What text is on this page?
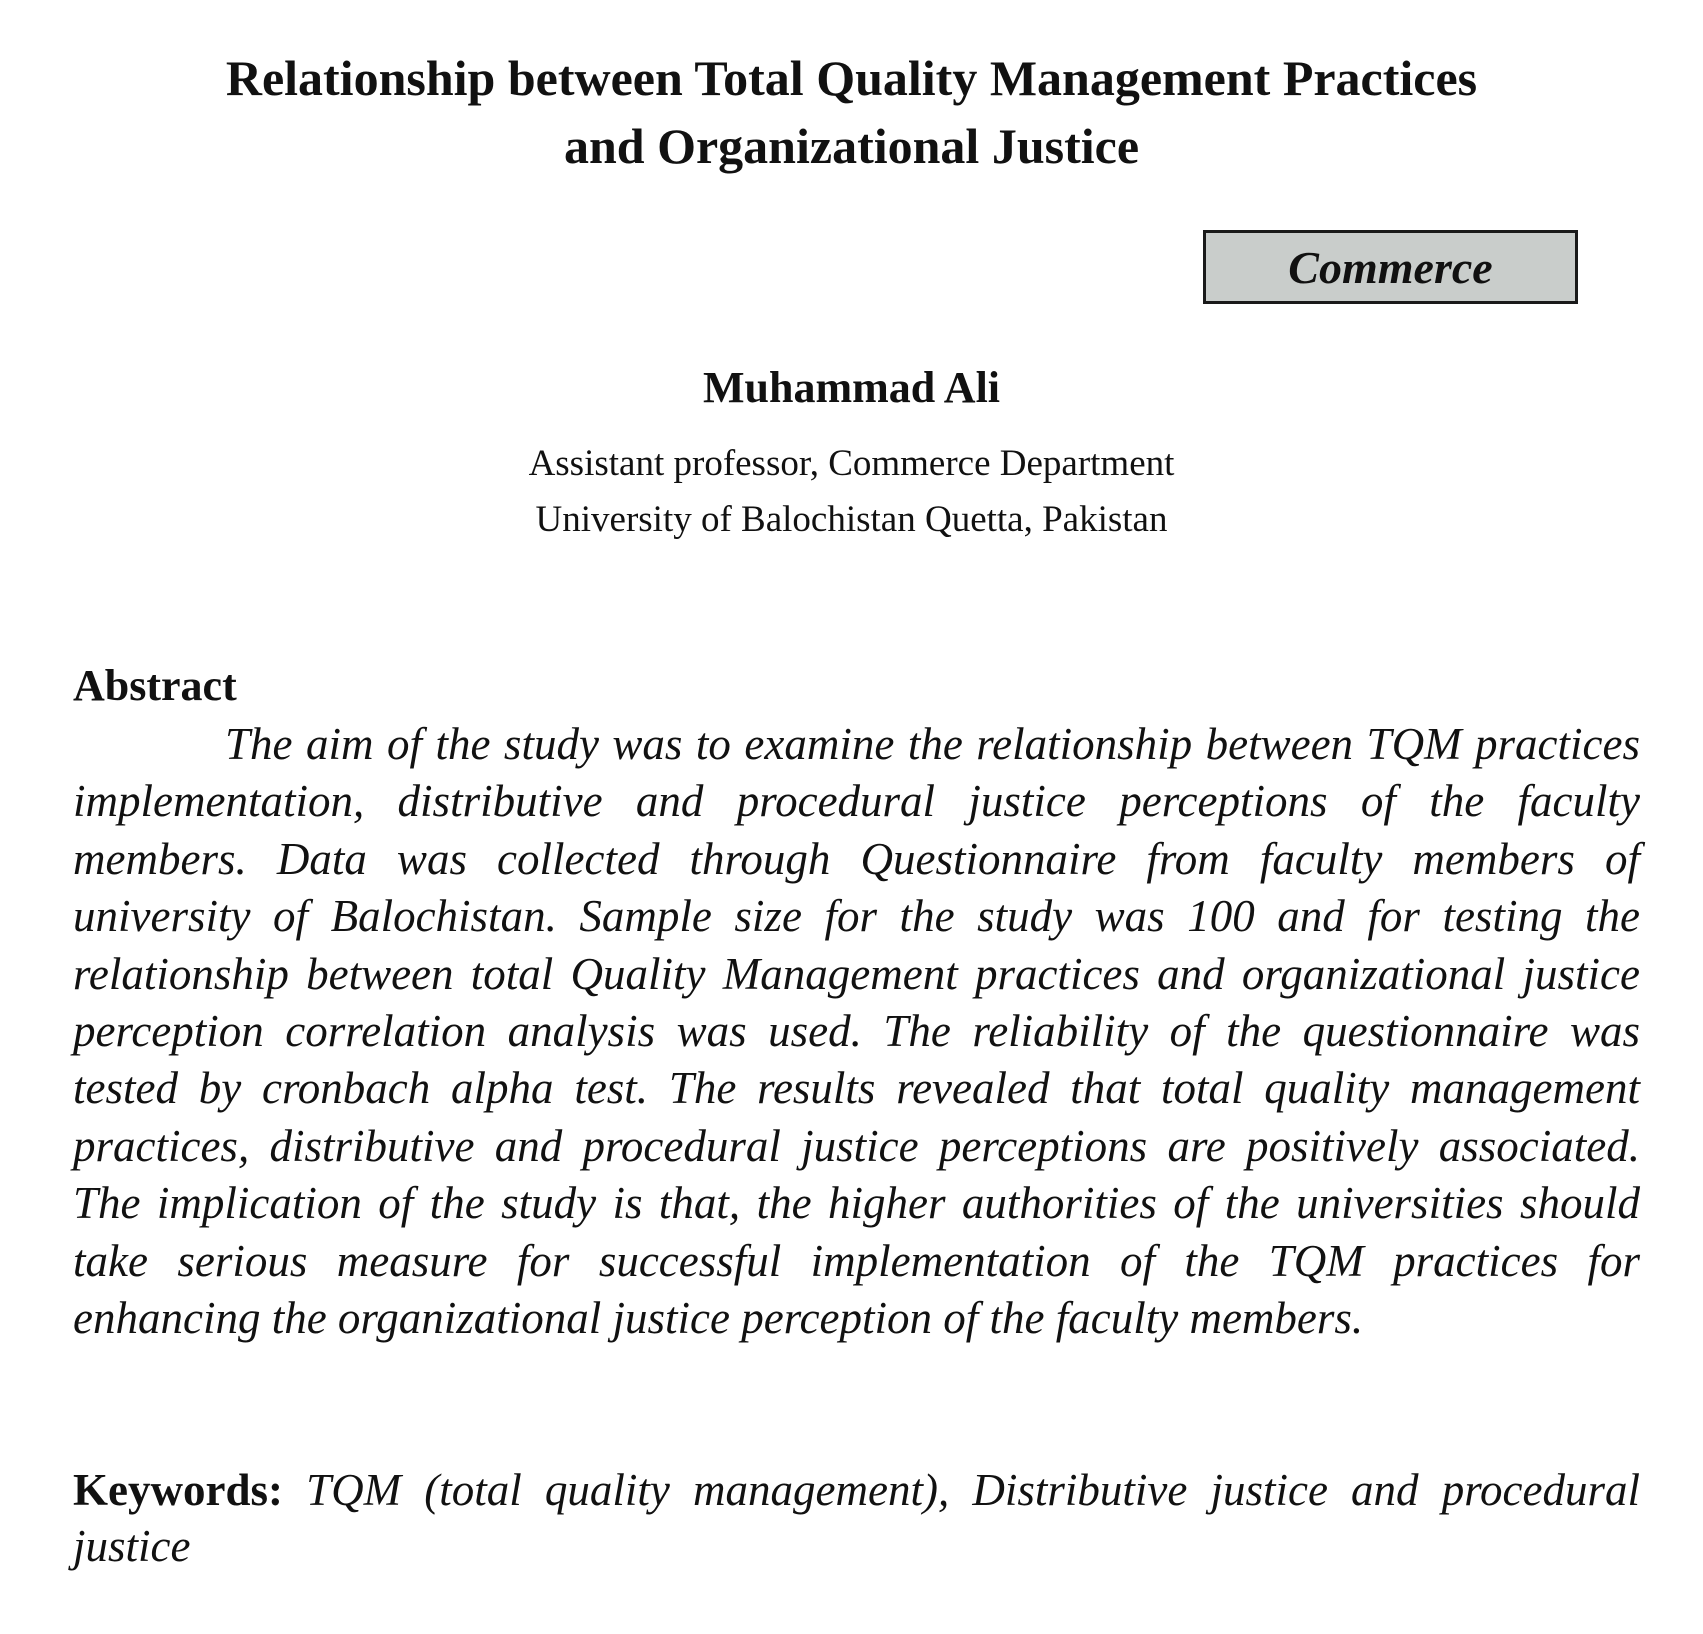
Relationship between Total Quality Management Practices
and Organizational Justice
Commerce

Muhammad Ali

Assistant professor, Commerce Department
University of Balochistan Quetta, Pakistan
Abstract

The aim of the study was to examine the relationship between TQM practices implementation, distributive and procedural justice perceptions of the faculty members. Data was collected through Questionnaire from faculty members of university of Balochistan. Sample size for the study was 100 and for testing the relationship between total Quality Management practices and organizational justice perception correlation analysis was used. The reliability of the questionnaire was tested by cronbach alpha test. The results revealed that total quality management practices, distributive and procedural justice perceptions are positively associated. The implication of the study is that, the higher authorities of the universities should take serious measure for successful implementation of the TQM practices for enhancing the organizational justice perception of the faculty members.

Keywords: TQM (total quality management), Distributive justice and procedural justice
